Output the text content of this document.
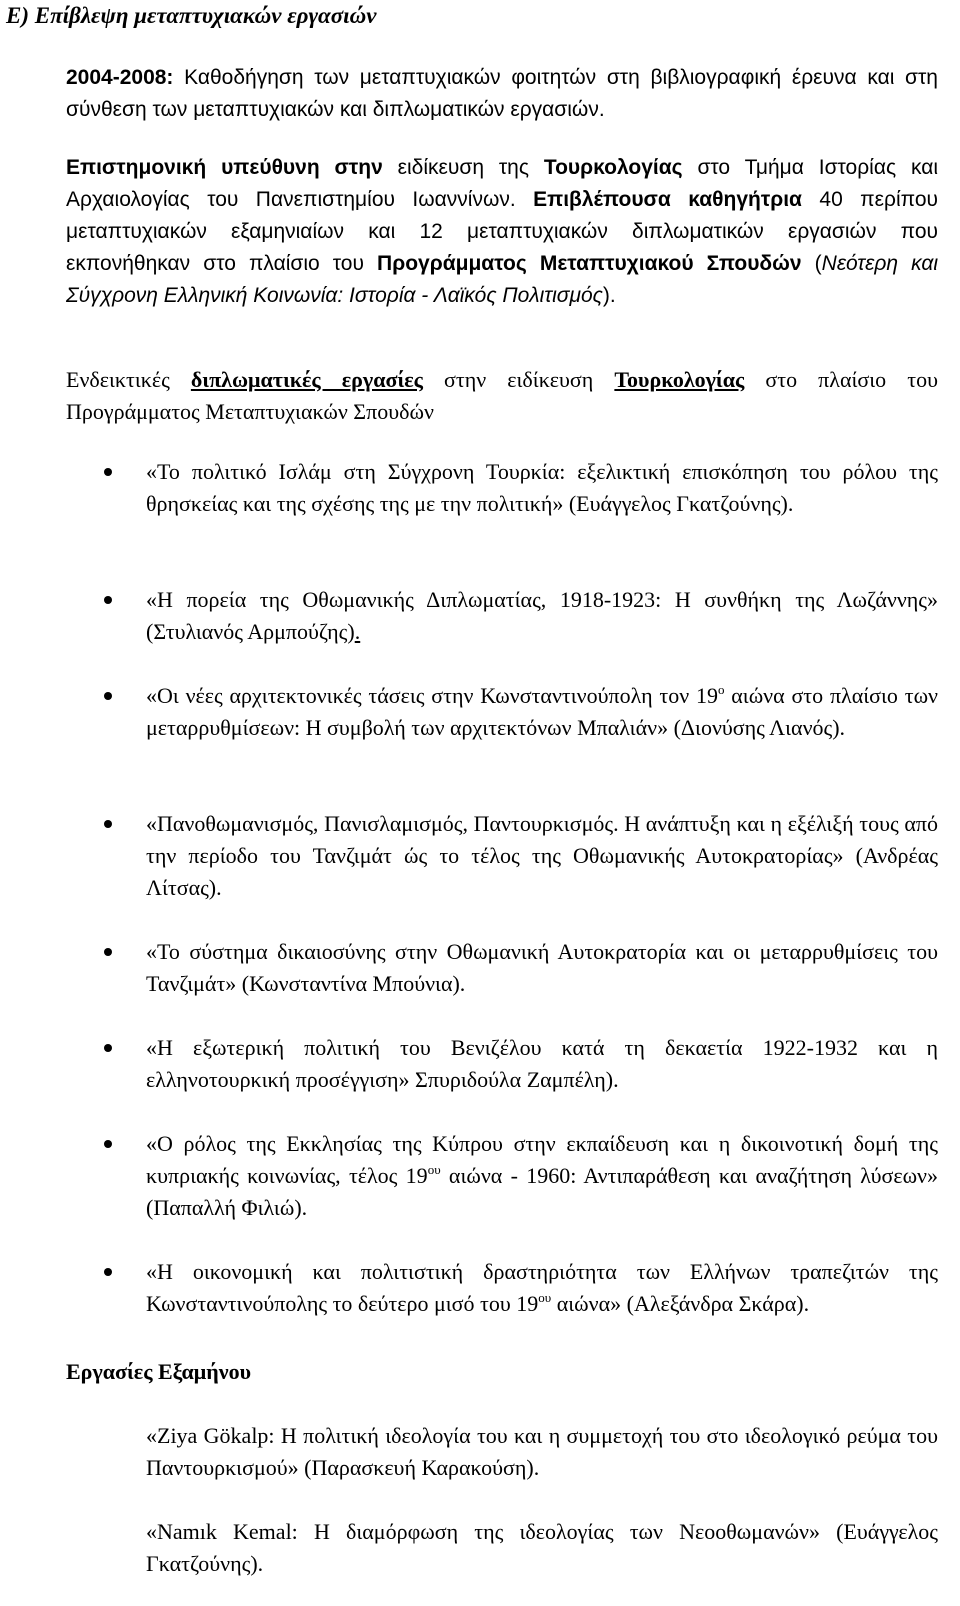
Ε) Επίβλεψη μεταπτυχιακών εργασιών

2004-2008: Καθοδήγηση των μεταπτυχιακών φοιτητών στη βιβλιογραφική έρευνα και στη σύνθεση των μεταπτυχιακών και διπλωματικών εργασιών.

Επιστημονική υπεύθυνη στην ειδίκευση της Τουρκολογίας στο Τμήμα Ιστορίας και Αρχαιολογίας του Πανεπιστημίου Ιωαννίνων. Επιβλέπουσα καθηγήτρια 40 περίπου μεταπτυχιακών εξαμηνιαίων και 12 μεταπτυχιακών διπλωματικών εργασιών που εκπονήθηκαν στο πλαίσιο του Προγράμματος Μεταπτυχιακού Σπουδών (Νεότερη και Σύγχρονη Ελληνική Κοινωνία: Ιστορία - Λαϊκός Πολιτισμός).

Ενδεικτικές διπλωματικές εργασίες στην ειδίκευση Τουρκολογίας στο πλαίσιο του Προγράμματος Μεταπτυχιακών Σπουδών

«Το πολιτικό Ισλάμ στη Σύγχρονη Τουρκία: εξελικτική επισκόπηση του ρόλου της θρησκείας και της σχέσης της με την πολιτική» (Ευάγγελος Γκατζούνης).
«Η πορεία της Οθωμανικής Διπλωματίας, 1918-1923: Η συνθήκη της Λωζάννης» (Στυλιανός Αρμπούζης).
«Οι νέες αρχιτεκτονικές τάσεις στην Κωνσταντινούπολη τον $19^o$ αιώνα στο πλαίσιο των μεταρρυθμίσεων: Η συμβολή των αρχιτεκτόνων Μπαλιάν» (Διονύσης Λιανός).
«Πανοθωμανισμός, Πανισλαμισμός, Παντουρκισμός. Η ανάπτυξη και η εξέλιξή τους από την περίοδο του Τανζιμάτ ώς το τέλος της Οθωμανικής Αυτοκρατορίας» (Ανδρέας Λίτσας).
«Το σύστημα δικαιοσύνης στην Οθωμανική Αυτοκρατορία και οι μεταρρυθμίσεις του Τανζιμάτ» (Κωνσταντίνα Μπούνια).
«Η εξωτερική πολιτική του Βενιζέλου κατά τη δεκαετία 1922-1932 και η ελληνοτουρκική προσέγγιση» Σπυριδούλα Ζαμπέλη).
«Ο ρόλος της Εκκλησίας της Κύπρου στην εκπαίδευση και η δικοινοτική δομή της κυπριακής κοινωνίας, τέλος $19^{o\upsilon}$ αιώνα - 1960: Αντιπαράθεση και αναζήτηση λύσεων» (Παπαλλή Φιλιώ).
«Η οικονομική και πολιτιστική δραστηριότητα των Ελλήνων τραπεζιτών της Κωνσταντινούπολης το δεύτερο μισό του $19^{o\upsilon}$ αιώνα» (Αλεξάνδρα Σκάρα).
Εργασίες Εξαμήνου
«Ziya Gökalp: Η πολιτική ιδεολογία του και η συμμετοχή του στο ιδεολογικό ρεύμα του Παντουρκισμού» (Παρασκευή Καρακούση).
«Namık Kemal: Η διαμόρφωση της ιδεολογίας των Νεοοθωμανών» (Ευάγγελος Γκατζούνης).
